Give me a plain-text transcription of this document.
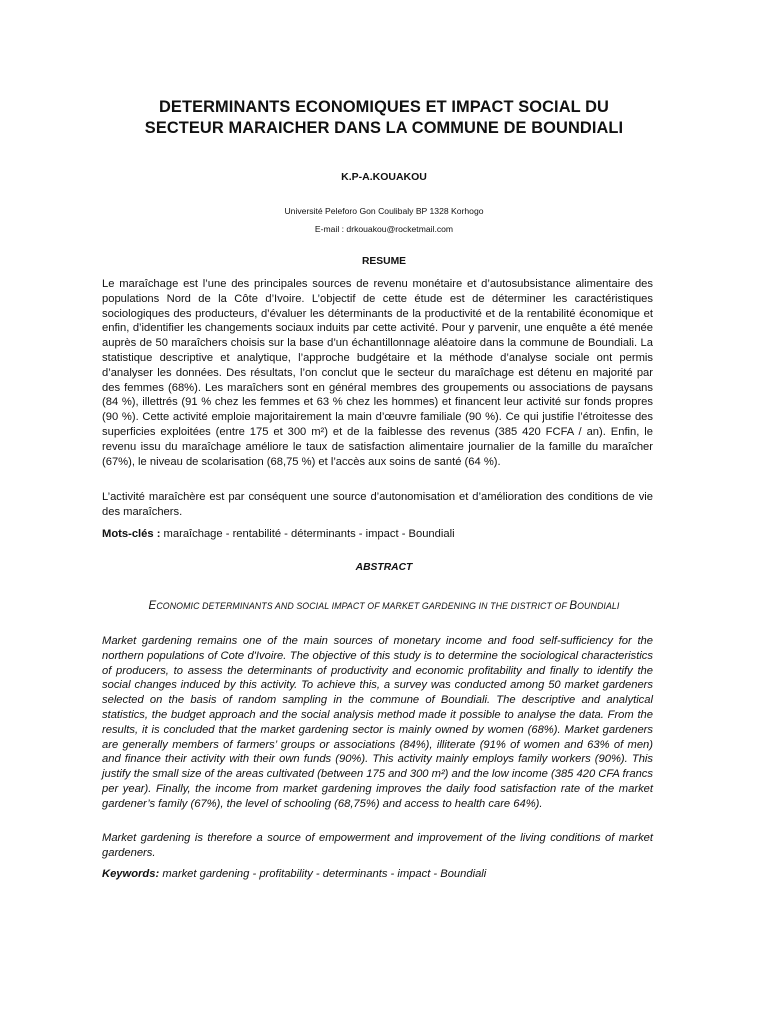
DETERMINANTS ECONOMIQUES ET IMPACT SOCIAL DU
SECTEUR MARAICHER DANS LA COMMUNE DE BOUNDIALI
K.P-A.KOUAKOU
Université Peleforo Gon Coulibaly BP 1328 Korhogo
E-mail : drkouakou@rocketmail.com
RESUME

Le maraîchage est l’une des principales sources de revenu monétaire et d’autosubsistance alimentaire des populations Nord de la Côte d’Ivoire. L’objectif de cette étude est de déterminer les caractéristiques sociologiques des producteurs, d’évaluer les déterminants de la productivité et de la rentabilité économique et enfin, d’identifier les changements sociaux induits par cette activité. Pour y parvenir, une enquête a été menée auprès de 50 maraîchers choisis sur la base d’un échantillonnage aléatoire dans la commune de Boundiali. La statistique descriptive et analytique, l’approche budgétaire et la méthode d’analyse sociale ont permis d’analyser les données. Des résultats, l’on conclut que le secteur du maraîchage est détenu en majorité par des femmes (68%). Les maraîchers sont en général membres des groupements ou associations de paysans (84 %), illettrés (91 % chez les femmes et 63 % chez les hommes) et financent leur activité sur fonds propres (90 %). Cette activité emploie majoritairement la main d’œuvre familiale (90 %). Ce qui justifie l’étroitesse des superficies exploitées (entre 175 et 300 m²) et de la faiblesse des revenus (385 420 FCFA / an). Enfin, le revenu issu du maraîchage améliore le taux de satisfaction alimentaire journalier de la famille du maraîcher (67%), le niveau de scolarisation (68,75 %) et l’accès aux soins de santé (64 %).

L’activité maraîchère est par conséquent une source d’autonomisation et d’amélioration des conditions de vie des maraîchers.

Mots-clés : maraîchage - rentabilité - déterminants - impact - Boundiali

ABSTRACT
ECONOMIC DETERMINANTS AND SOCIAL IMPACT OF MARKET GARDENING IN THE DISTRICT OF BOUNDIALI

Market gardening remains one of the main sources of monetary income and food self-sufficiency for the northern populations of Cote d'Ivoire. The objective of this study is to determine the sociological characteristics of producers, to assess the determinants of productivity and economic profitability and finally to identify the social changes induced by this activity. To achieve this, a survey was conducted among 50 market gardeners selected on the basis of random sampling in the commune of Boundiali. The descriptive and analytical statistics, the budget approach and the social analysis method made it possible to analyse the data. From the results, it is concluded that the market gardening sector is mainly owned by women (68%). Market gardeners are generally members of farmers’ groups or associations (84%), illiterate (91% of women and 63% of men) and finance their activity with their own funds (90%). This activity mainly employs family workers (90%). This justify the small size of the areas cultivated (between 175 and 300 m²) and the low income (385 420 CFA francs per year). Finally, the income from market gardening improves the daily food satisfaction rate of the market gardener’s family (67%), the level of schooling (68,75%) and access to health care 64%).

Market gardening is therefore a source of empowerment and improvement of the living conditions of market gardeners.

Keywords: market gardening - profitability - determinants - impact - Boundiali
